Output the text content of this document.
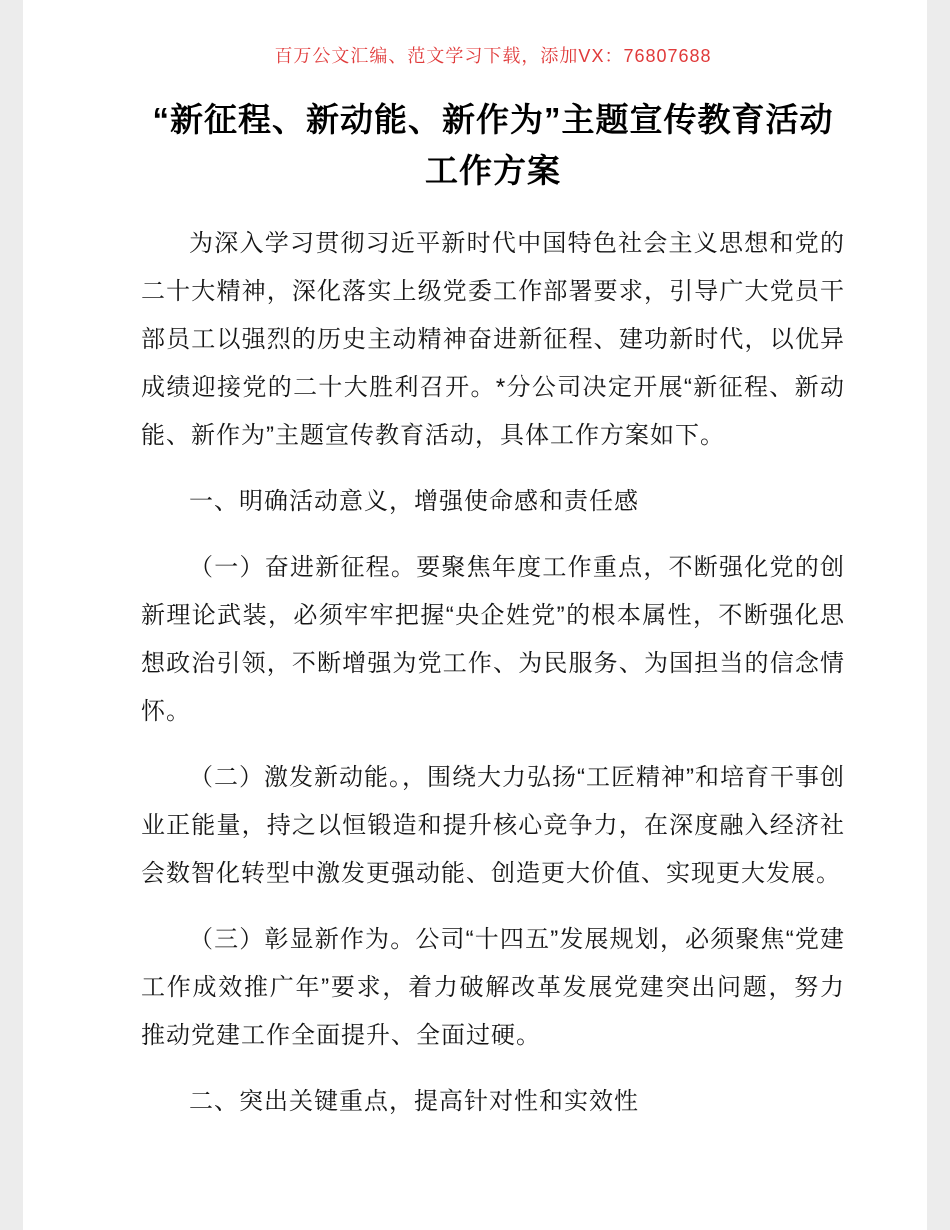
百万公文汇编、范文学习下载，添加VX：76807688
“新征程、新动能、新作为”主题宣传教育活动工作方案

为深入学习贯彻习近平新时代中国特色社会主义思想和党的二十大精神，深化落实上级党委工作部署要求，引导广大党员干部员工以强烈的历史主动精神奋进新征程、建功新时代，以优异成绩迎接党的二十大胜利召开。*分公司决定开展“新征程、新动能、新作为”主题宣传教育活动，具体工作方案如下。

一、明确活动意义，增强使命感和责任感

（一）奋进新征程。要聚焦年度工作重点，不断强化党的创新理论武装，必须牢牢把握“央企姓党”的根本属性，不断强化思想政治引领，不断增强为党工作、为民服务、为国担当的信念情怀。

（二）激发新动能。，围绕大力弘扬“工匠精神”和培育干事创业正能量，持之以恒锻造和提升核心竞争力，在深度融入经济社会数智化转型中激发更强动能、创造更大价值、实现更大发展。

（三）彰显新作为。公司“十四五”发展规划，必须聚焦“党建工作成效推广年”要求，着力破解改革发展党建突出问题，努力推动党建工作全面提升、全面过硬。

二、突出关键重点，提高针对性和实效性
